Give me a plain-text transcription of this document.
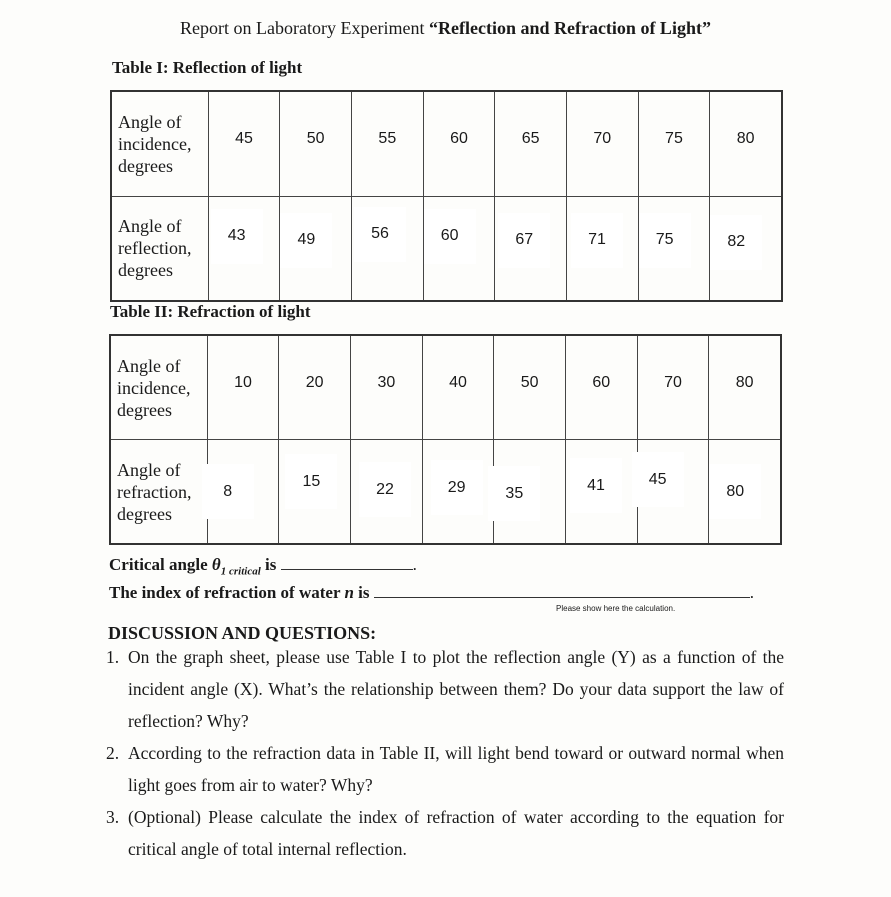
Report on Laboratory Experiment “Reflection and Refraction of Light”
Table I: Reflection of light
Angle of
incidence,
degrees	45	50	55	60	65	70	75	80

Angle of
reflection,
degrees	43	49	56	60	67	71	75	82
Table II: Refraction of light
Angle of
incidence,
degrees	10	20	30	40	50	60	70	80

Angle of
refraction,
degrees	8	15	22	29	35	41	45	80
Critical angle $\theta_{1 critical}$ is	.
The index of refraction of water n is	.
Please show here the calculation.
DISCUSSION AND QUESTIONS:
1. On the graph sheet, please use Table I to plot the reflection angle (Y) as a function of the incident angle (X). What’s the relationship between them? Do your data support the law of reflection? Why?
2. According to the refraction data in Table II, will light bend toward or outward normal when light goes from air to water? Why?
3. (Optional) Please calculate the index of refraction of water according to the equation for critical angle of total internal reflection.
